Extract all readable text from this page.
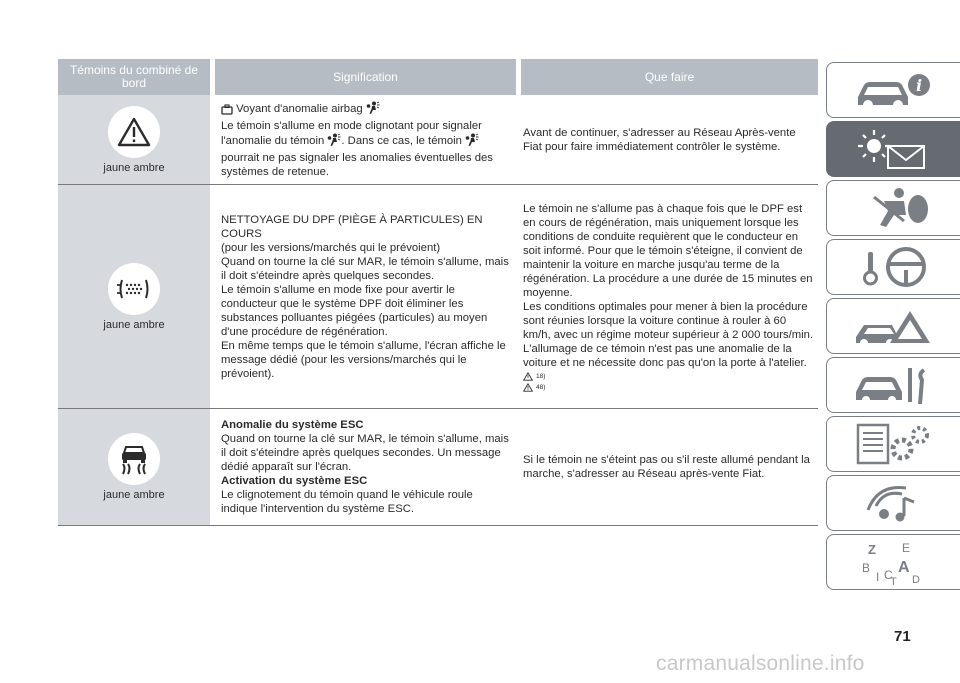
Témoins du combiné de bord	Signification	Que faire
jaune ambre
Voyant d'anomalie airbag
Le témoin s'allume en mode clignotant pour signaler l'anomalie du témoin . Dans ce cas, le témoin  pourrait ne pas signaler les anomalies éventuelles des systèmes de retenue.
Avant de continuer, s'adresser au Réseau Après-vente Fiat pour faire immédiatement contrôler le système.
jaune ambre
NETTOYAGE DU DPF (PIÈGE À PARTICULES) EN COURS
(pour les versions/marchés qui le prévoient)
Quand on tourne la clé sur MAR, le témoin s'allume, mais il doit s'éteindre après quelques secondes.
Le témoin s'allume en mode fixe pour avertir le conducteur que le système DPF doit éliminer les substances polluantes piégées (particules) au moyen d'une procédure de régénération.
En même temps que le témoin s'allume, l'écran affiche le message dédié (pour les versions/marchés qui le prévoient).
Le témoin ne s'allume pas à chaque fois que le DPF est en cours de régénération, mais uniquement lorsque les conditions de conduite requièrent que le conducteur en soit informé. Pour que le témoin s'éteigne, il convient de maintenir la voiture en marche jusqu'au terme de la régénération. La procédure a une durée de 15 minutes en moyenne.
Les conditions optimales pour mener à bien la procédure sont réunies lorsque la voiture continue à rouler à 60 km/h, avec un régime moteur supérieur à 2 000 tours/min. L'allumage de ce témoin n'est pas une anomalie de la voiture et ne nécessite donc pas qu'on la porte à l'atelier.
18)
48)
jaune ambre
Anomalie du système ESC
Quand on tourne la clé sur MAR, le témoin s'allume, mais il doit s'éteindre après quelques secondes. Un message dédié apparaît sur l'écran.
Activation du système ESC
Le clignotement du témoin quand le véhicule roule indique l'intervention du système ESC.
Si le témoin ne s'éteint pas ou s'il reste allumé pendant la marche, s'adresser au Réseau après-vente Fiat.
i
Z E
B A
I C D
T
71
carmanualsonline.info
